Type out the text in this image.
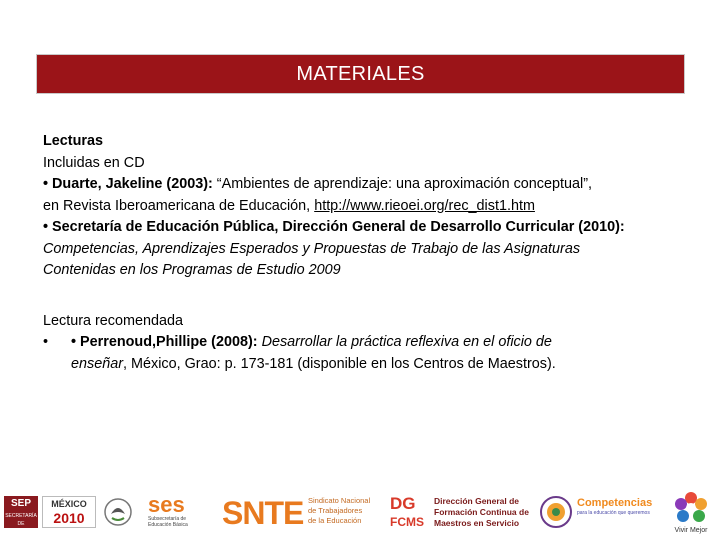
MATERIALES

Lecturas

Incluidas en CD

• Duarte, Jakeline (2003): “Ambientes de aprendizaje: una aproximación conceptual”,

en Revista Iberoamericana de Educación, http://www.rieoei.org/rec_dist1.htm

• Secretaría de Educación Pública, Dirección General de Desarrollo Curricular (2010):

Competencias, Aprendizajes Esperados y Propuestas de Trabajo de las Asignaturas

Contenidas en los Programas de Estudio 2009

Lectura recomendada

•	• Perrenoud,Phillipe (2008): Desarrollar la práctica reflexiva en el oficio de

enseñar, México, Grao: p. 173-181 (disponible en los Centros de Maestros).

SEP
SECRETARÍA DE EDUCACIÓN PÚBLICA
MÉXICO
2010
ses
Subsecretaría de Educación Básica	SNTE Sindicato Nacional
de Trabajadores
de la Educación
DG
FCMS
Dirección General de
Formación Continua de
Maestros en Servicio
Competencias
para la educación que queremos
Vivir Mejor
